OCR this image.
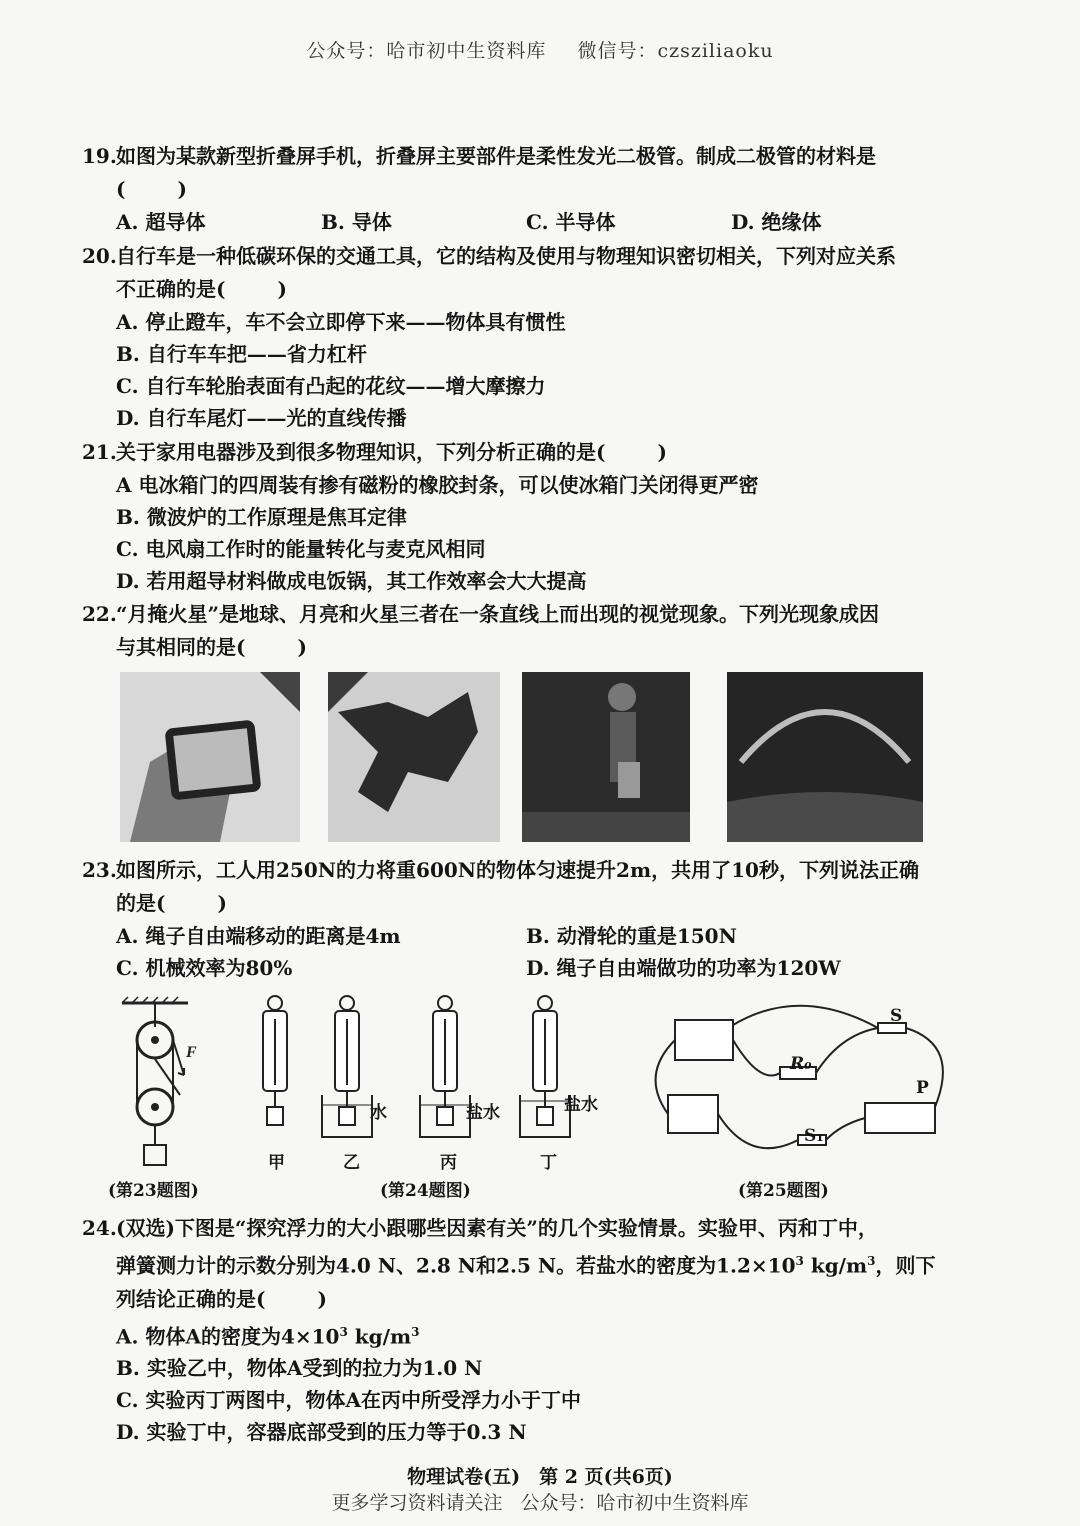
公众号：哈市初中生资料库 微信号：czsziliaoku
19.如图为某款新型折叠屏手机，折叠屏主要部件是柔性发光二极管。制成二极管的材料是
(	)
A. 超导体	B. 导体	C. 半导体	D. 绝缘体
20.自行车是一种低碳环保的交通工具，它的结构及使用与物理知识密切相关，下列对应关系
不正确的是(	)
A. 停止蹬车，车不会立即停下来——物体具有惯性
B. 自行车车把——省力杠杆
C. 自行车轮胎表面有凸起的花纹——增大摩擦力
D. 自行车尾灯——光的直线传播
21.关于家用电器涉及到很多物理知识，下列分析正确的是(	)
A 电冰箱门的四周装有掺有磁粉的橡胶封条，可以使冰箱门关闭得更严密
B. 微波炉的工作原理是焦耳定律
C. 电风扇工作时的能量转化与麦克风相同
D. 若用超导材料做成电饭锅，其工作效率会大大提高
22.“月掩火星”是地球、月亮和火星三者在一条直线上而出现的视觉现象。下列光现象成因
与其相同的是(	)
23.如图所示，工人用250N的力将重600N的物体匀速提升2m，共用了10秒，下列说法正确
的是(	)
A. 绳子自由端移动的距离是4m	B. 动滑轮的重是150N
C. 机械效率为80%	D. 绳子自由端做功的功率为120W
F
水	盐水	盐水
甲	乙	丙	丁
S
R₀
P
S₁
(第23题图)	(第24题图)	(第25题图)
24.(双选)下图是“探究浮力的大小跟哪些因素有关”的几个实验情景。实验甲、丙和丁中，
弹簧测力计的示数分别为4.0 N、2.8 N和2.5 N。若盐水的密度为$1.2\times 10^3$ $kg/m^3$，则下
列结论正确的是(	)
A. 物体A的密度为$4\times 10^3$ $kg/m^3$
B. 实验乙中，物体A受到的拉力为1.0 N
C. 实验丙丁两图中，物体A在丙中所受浮力小于丁中
D. 实验丁中，容器底部受到的压力等于0.3 N
物理试卷(五)　第 2 页(共6页)
更多学习资料请关注 公众号：哈市初中生资料库
